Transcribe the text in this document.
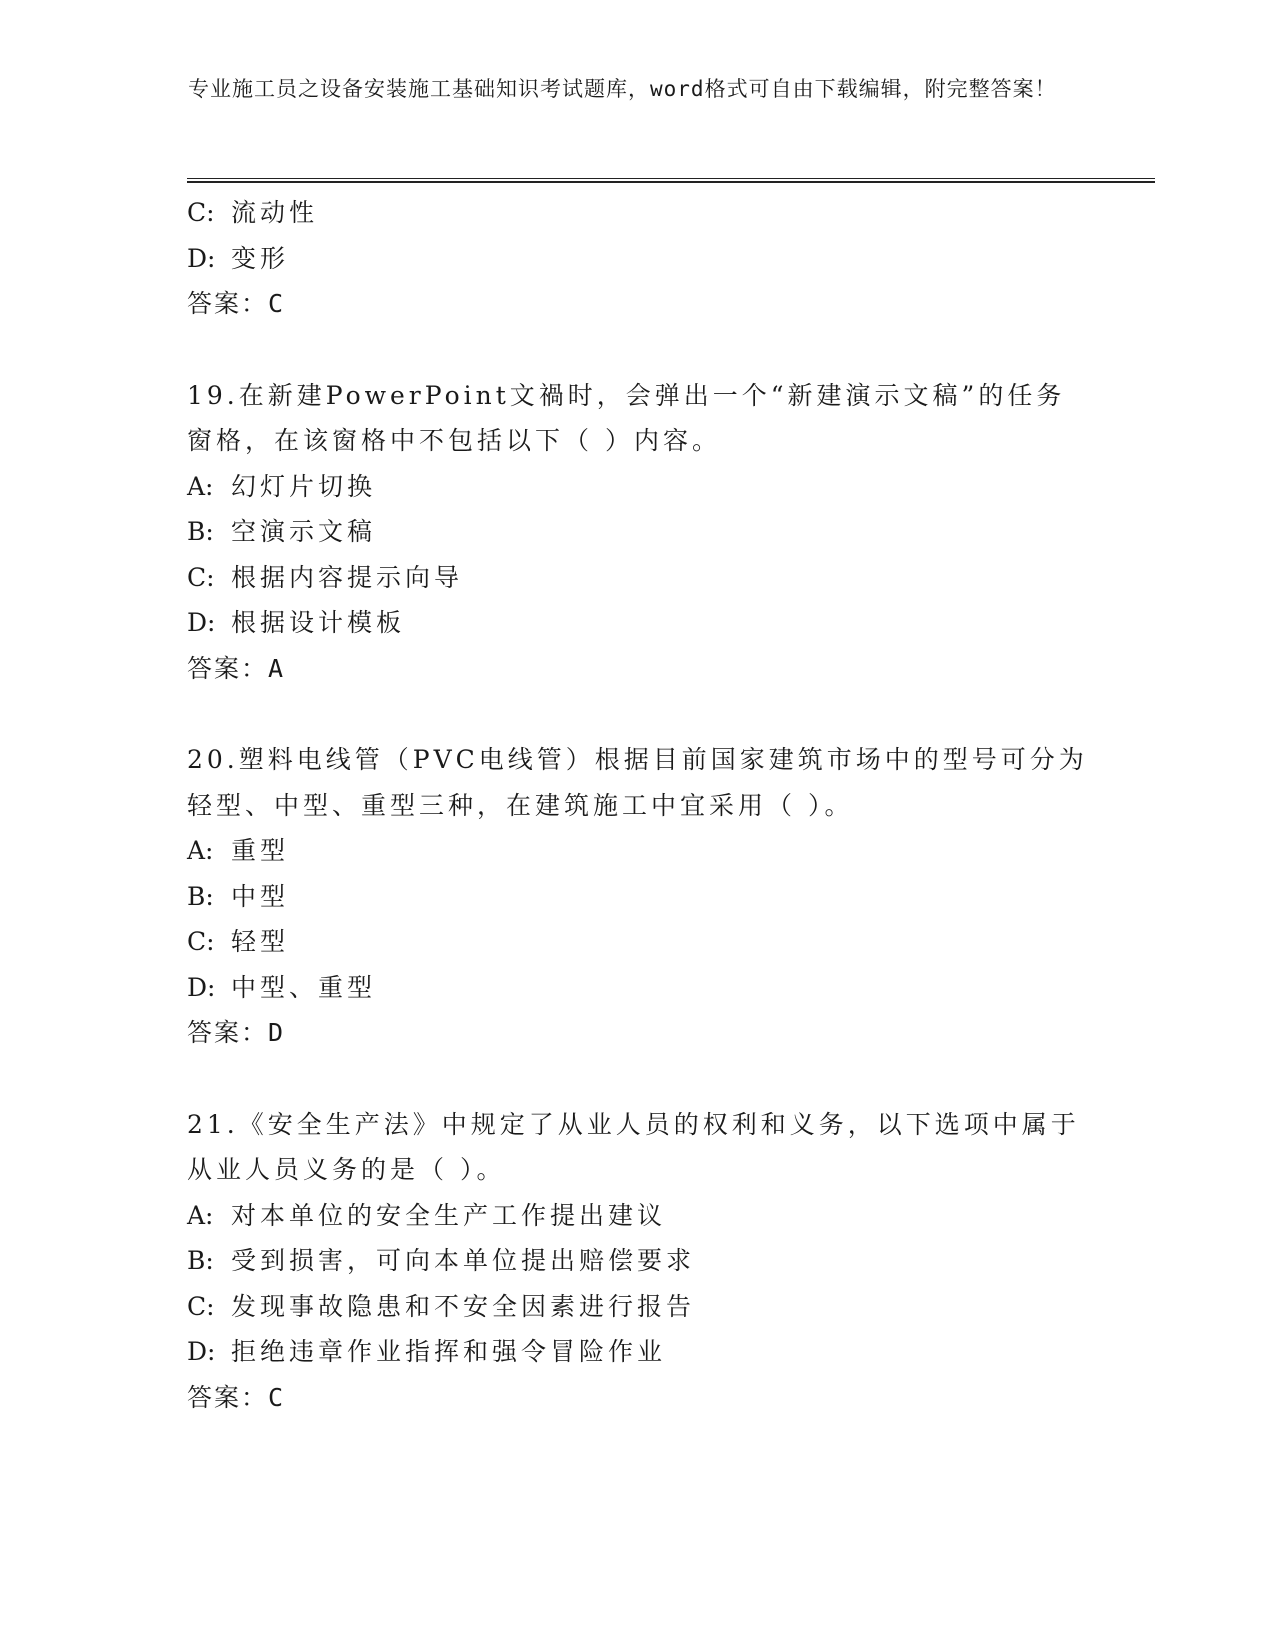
专业施工员之设备安装施工基础知识考试题库，word格式可自由下载编辑，附完整答案！
C: 流动性
D: 变形
答案：C
19.在新建PowerPoint文禍时，会弹出一个“新建演示文稿”的任务
窗格，在该窗格中不包括以下（ ）内容。
A: 幻灯片切换
B: 空演示文稿
C: 根据内容提示向导
D: 根据设计模板
答案：A
20.塑料电线管（PVC电线管）根据目前国家建筑市场中的型号可分为
轻型、中型、重型三种，在建筑施工中宜采用（ ）。
A: 重型
B: 中型
C: 轻型
D: 中型、重型
答案：D
21.《安全生产法》中规定了从业人员的权利和义务，以下选项中属于
从业人员义务的是（ ）。
A: 对本单位的安全生产工作提出建议
B: 受到损害，可向本单位提出赔偿要求
C: 发现事故隐患和不安全因素进行报告
D: 拒绝违章作业指挥和强令冒险作业
答案：C
